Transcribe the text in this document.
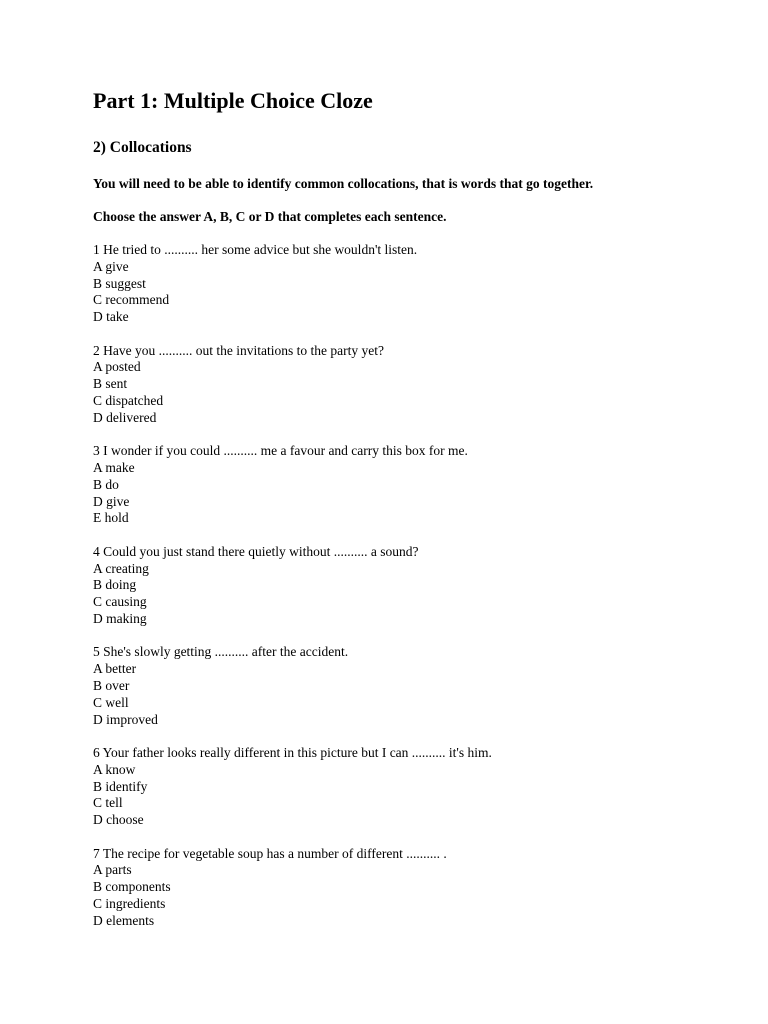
Part 1: Multiple Choice Cloze
2) Collocations

You will need to be able to identify common collocations, that is words that go together.

Choose the answer A, B, C or D that completes each sentence.

1 He tried to .......... her some advice but she wouldn't listen.
A give
B suggest
C recommend
D take
2 Have you .......... out the invitations to the party yet?
A posted
B sent
C dispatched
D delivered
3 I wonder if you could .......... me a favour and carry this box for me.
A make
B do
D give
E hold
4 Could you just stand there quietly without .......... a sound?
A creating
B doing
C causing
D making
5 She's slowly getting .......... after the accident.
A better
B over
C well
D improved
6 Your father looks really different in this picture but I can .......... it's him.
A know
B identify
C tell
D choose
7 The recipe for vegetable soup has a number of different .......... .
A parts
B components
C ingredients
D elements
